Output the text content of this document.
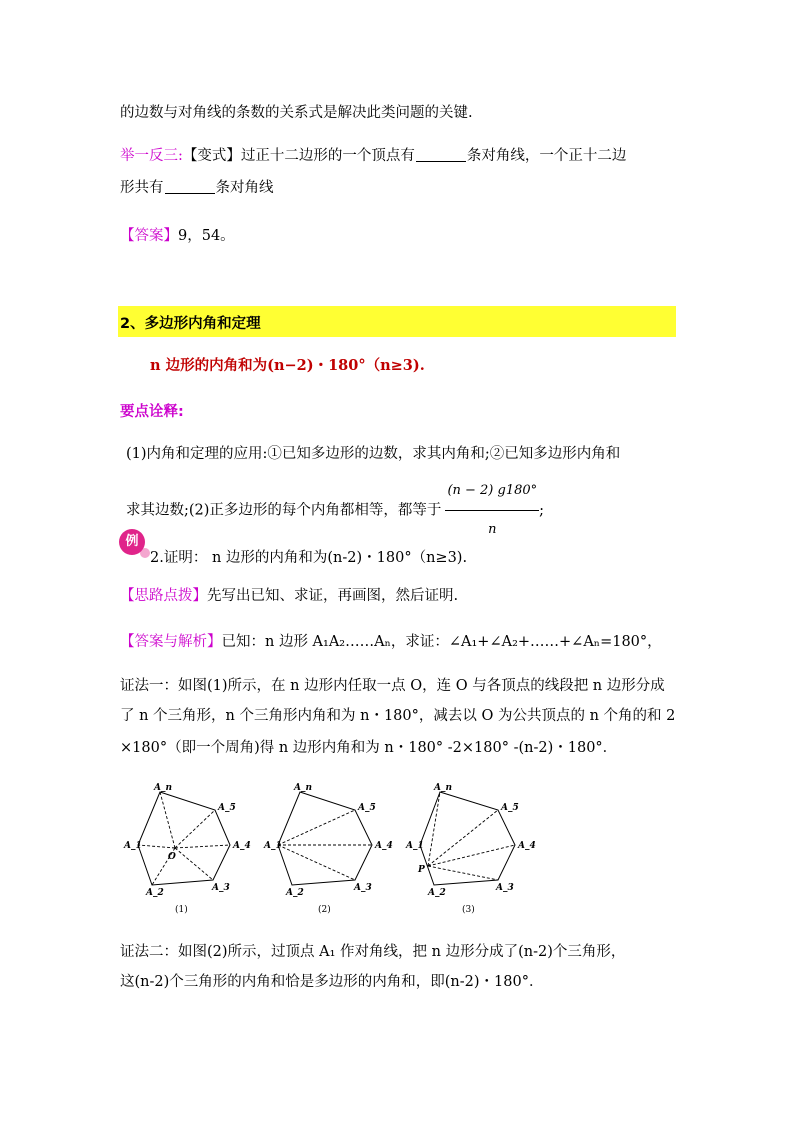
的边数与对角线的条数的关系式是解决此类问题的关键.
举一反三:【变式】过正十二边形的一个顶点有	条对角线，一个正十二边
形共有	条对角线
【答案】9，54。
2、多边形内角和定理
n 边形的内角和为(n−2)・180°（n≥3).
要点诠释:
(1)内角和定理的应用:①已知多边形的边数，求其内角和;②已知多边形内角和
求其边数;(2)正多边形的每个内角都相等，都等于 $\frac{(n - 2) g180^\circ}{n}$ ;
例
2.证明： n 边形的内角和为(n-2)・180°（n≥3).
【思路点拨】先写出已知、求证，再画图，然后证明.
【答案与解析】已知：n 边形 A₁A₂……Aₙ，求证：∠A₁+∠A₂+……+∠Aₙ=180°，
证法一：如图(1)所示，在 n 边形内任取一点 O，连 O 与各顶点的线段把 n 边形分成
了 n 个三角形，n 个三角形内角和为 n・180°，减去以 O 为公共顶点的 n 个角的和 2
×180°（即一个周角)得 n 边形内角和为 n・180° -2×180° -(n-2)・180°．
A_n
A_5
A_1	A_4
A_2	A_3
O
(1)
A_n
A_5
A_1	A_4
A_2	A_3
(2)
A_n
A_5
A_1	A_4
A_2	A_3
P
(3)
证法二：如图(2)所示，过顶点 A₁ 作对角线，把 n 边形分成了(n-2)个三角形，
这(n-2)个三角形的内角和恰是多边形的内角和，即(n-2)・180°．
